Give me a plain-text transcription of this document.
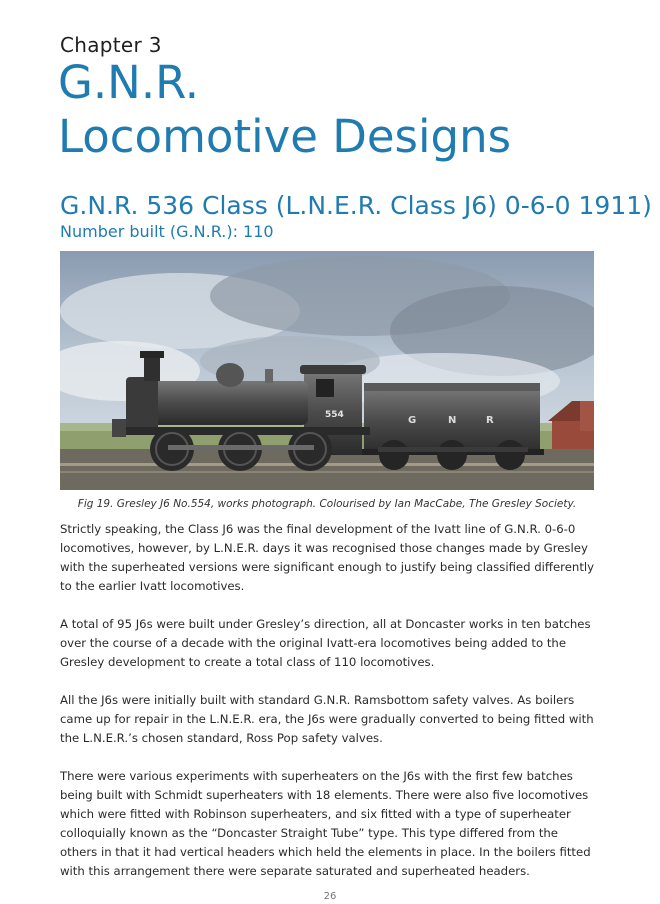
Chapter 3
G.N.R.
Locomotive Designs
G.N.R. 536 Class (L.N.E.R. Class J6) 0-6-0 1911)
Number built (G.N.R.): 110
554	G	N	R
Fig 19. Gresley J6 No.554, works photograph. Colourised by Ian MacCabe, The Gresley Society.

Strictly speaking, the Class J6 was the final development of the Ivatt line of G.N.R. 0-6-0 locomotives, however, by L.N.E.R. days it was recognised those changes made by Gresley with the superheated versions were significant enough to justify being classified differently to the earlier Ivatt locomotives.

A total of 95 J6s were built under Gresley’s direction, all at Doncaster works in ten batches over the course of a decade with the original Ivatt-era locomotives being added to the Gresley development to create a total class of 110 locomotives.

All the J6s were initially built with standard G.N.R. Ramsbottom safety valves. As boilers came up for repair in the L.N.E.R. era, the J6s were gradually converted to being fitted with the L.N.E.R.’s chosen standard, Ross Pop safety valves.

There were various experiments with superheaters on the J6s with the first few batches being built with Schmidt superheaters with 18 elements. There were also five locomotives which were fitted with Robinson superheaters, and six fitted with a type of superheater colloquially known as the “Doncaster Straight Tube” type. This type differed from the others in that it had vertical headers which held the elements in place. In the boilers fitted with this arrangement there were separate saturated and superheated headers.

26
